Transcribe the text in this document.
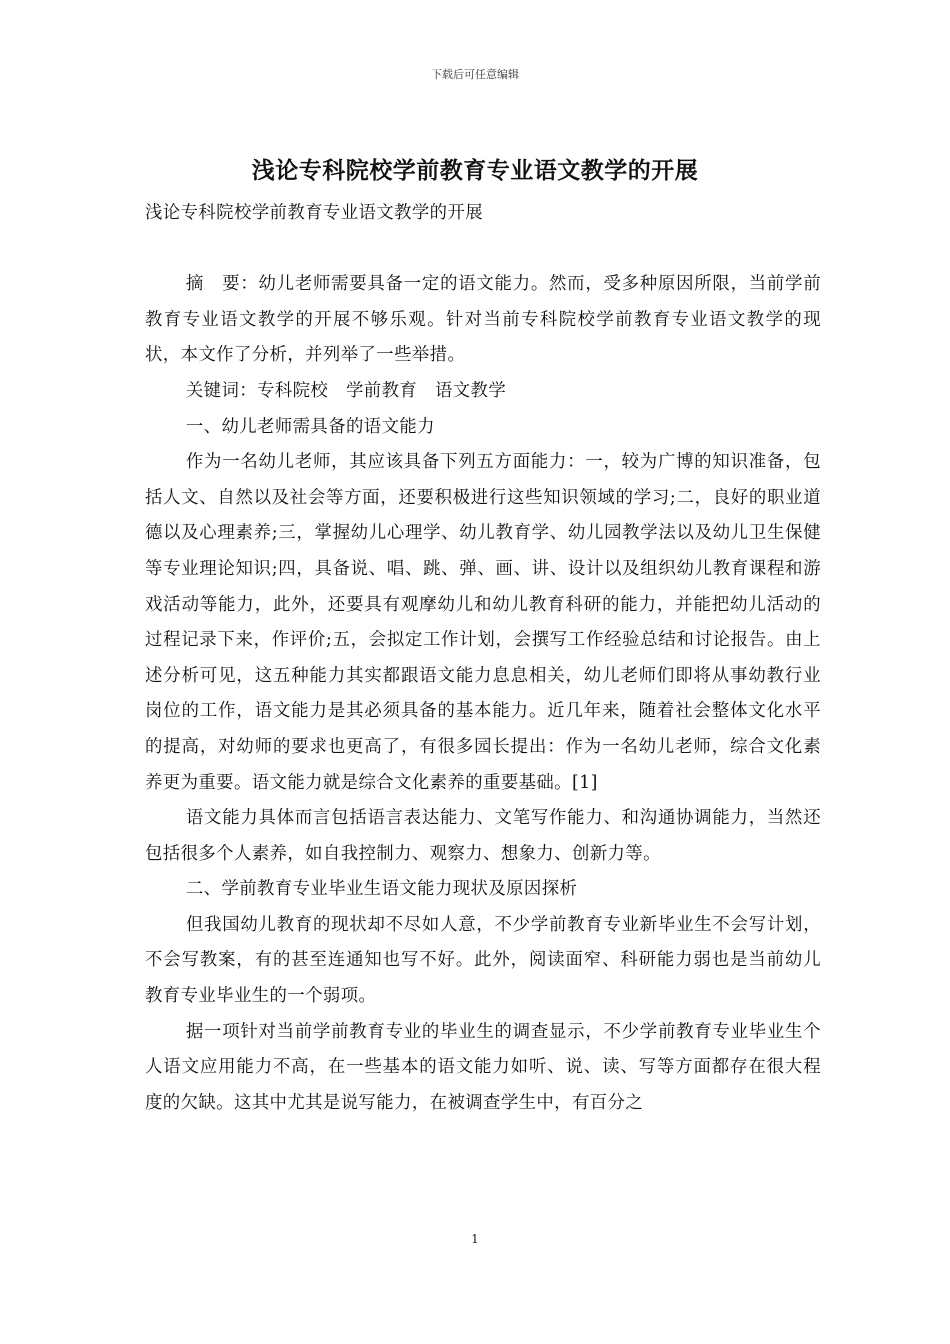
下载后可任意编辑
浅论专科院校学前教育专业语文教学的开展

浅论专科院校学前教育专业语文教学的开展

摘　要：幼儿老师需要具备一定的语文能力。然而，受多种原因所限，当前学前教育专业语文教学的开展不够乐观。针对当前专科院校学前教育专业语文教学的现状，本文作了分析，并列举了一些举措。

关键词：专科院校　学前教育　语文教学

一、幼儿老师需具备的语文能力

作为一名幼儿老师，其应该具备下列五方面能力：一，较为广博的知识准备，包括人文、自然以及社会等方面，还要积极进行这些知识领域的学习;二，良好的职业道德以及心理素养;三，掌握幼儿心理学、幼儿教育学、幼儿园教学法以及幼儿卫生保健等专业理论知识;四，具备说、唱、跳、弹、画、讲、设计以及组织幼儿教育课程和游戏活动等能力，此外，还要具有观摩幼儿和幼儿教育科研的能力，并能把幼儿活动的过程记录下来，作评价;五，会拟定工作计划，会撰写工作经验总结和讨论报告。由上述分析可见，这五种能力其实都跟语文能力息息相关，幼儿老师们即将从事幼教行业岗位的工作，语文能力是其必须具备的基本能力。近几年来，随着社会整体文化水平的提高，对幼师的要求也更高了，有很多园长提出：作为一名幼儿老师，综合文化素养更为重要。语文能力就是综合文化素养的重要基础。[1]

语文能力具体而言包括语言表达能力、文笔写作能力、和沟通协调能力，当然还包括很多个人素养，如自我控制力、观察力、想象力、创新力等。

二、学前教育专业毕业生语文能力现状及原因探析

但我国幼儿教育的现状却不尽如人意，不少学前教育专业新毕业生不会写计划，不会写教案，有的甚至连通知也写不好。此外，阅读面窄、科研能力弱也是当前幼儿教育专业毕业生的一个弱项。

据一项针对当前学前教育专业的毕业生的调查显示，不少学前教育专业毕业生个人语文应用能力不高，在一些基本的语文能力如听、说、读、写等方面都存在很大程度的欠缺。这其中尤其是说写能力，在被调查学生中，有百分之

1
